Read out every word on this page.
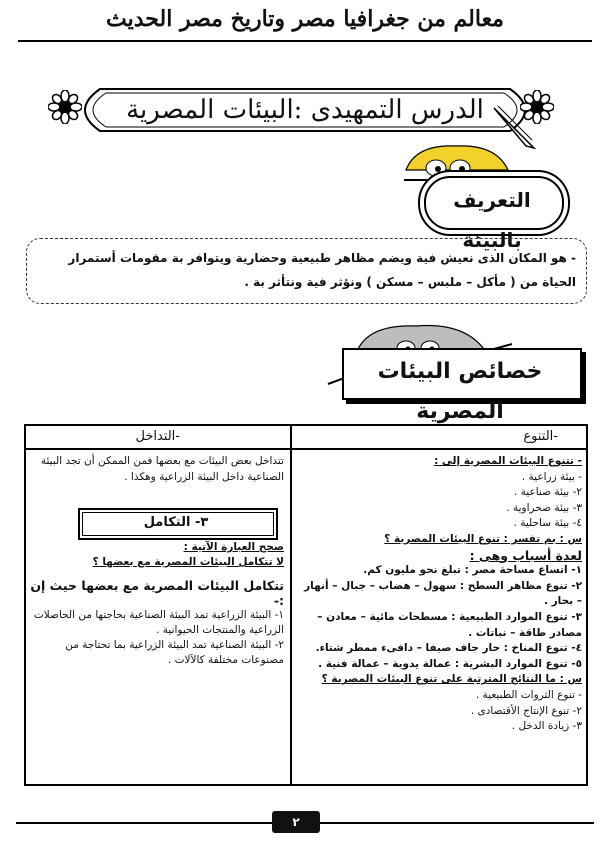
معالم من جغرافيا مصر وتاريخ مصر الحديث
الدرس التمهيدى :البيئات المصرية
التعريف بالبيئة
- هو المكان الذى نعيش فية ويضم مظاهر طبيعية وحضارية ويتوافر بة مقومات أستمرار الحياة من ( مأكل – ملبس – مسكن ) ونؤثر فية ونتأثر بة .
خصائص البيئات المصرية
-التنوع
-التداخل

- تتنوع البيئات المصرية إلى :

- بيئة زراعية .

٢- بيئة صناعية .

٣- بيئة صحراوية .

٤- بيئة ساحلية .

س : بم تفسر : تنوع البيئات المصرية ؟

لعدة أسباب وهى :

١- اتساع مساحة مصر : تبلغ نحو مليون كم.

٢- تنوع مظاهر السطح : سهول – هضاب – جبال – أنهار – بحار .

٣- تنوع الموارد الطبيعية : مسطحات مائية – معادن – مصادر طاقة – نباتات .

٤- تنوع المناخ : حار جاف صيفا – دافىء ممطر شتاء.

٥- تنوع الموارد البشرية : عمالة يدوية – عمالة فنية .

س : ما النتائج المترتبة على تنوع البيئات المصرية ؟

- تنوع الثروات الطبيعية .

٢- تنوع الإنتاج الأقتصادى .

٣- زيادة الدخل .

تتداخل بعض البيئات مع بعضها فمن الممكن أن تجد البيئة الصناعية داخل البيئة الزراعية وهكذا .

٣- التكامل

صحح العبارة الآتية :

لا تتكامل البيئات المصرية مع بعضها ؟

تتكامل البيئات المصرية مع بعضها حيث إن :-

١- البيئة الزراعية تمد البيئة الصناعية بحاجتها من الحاصلات الزراعية والمنتجات الحيوانية .

٢- البيئة الصناعية تمد البيئة الزراعية بما تحتاجة من مصنوعات مختلفة كالآلات .

٢
